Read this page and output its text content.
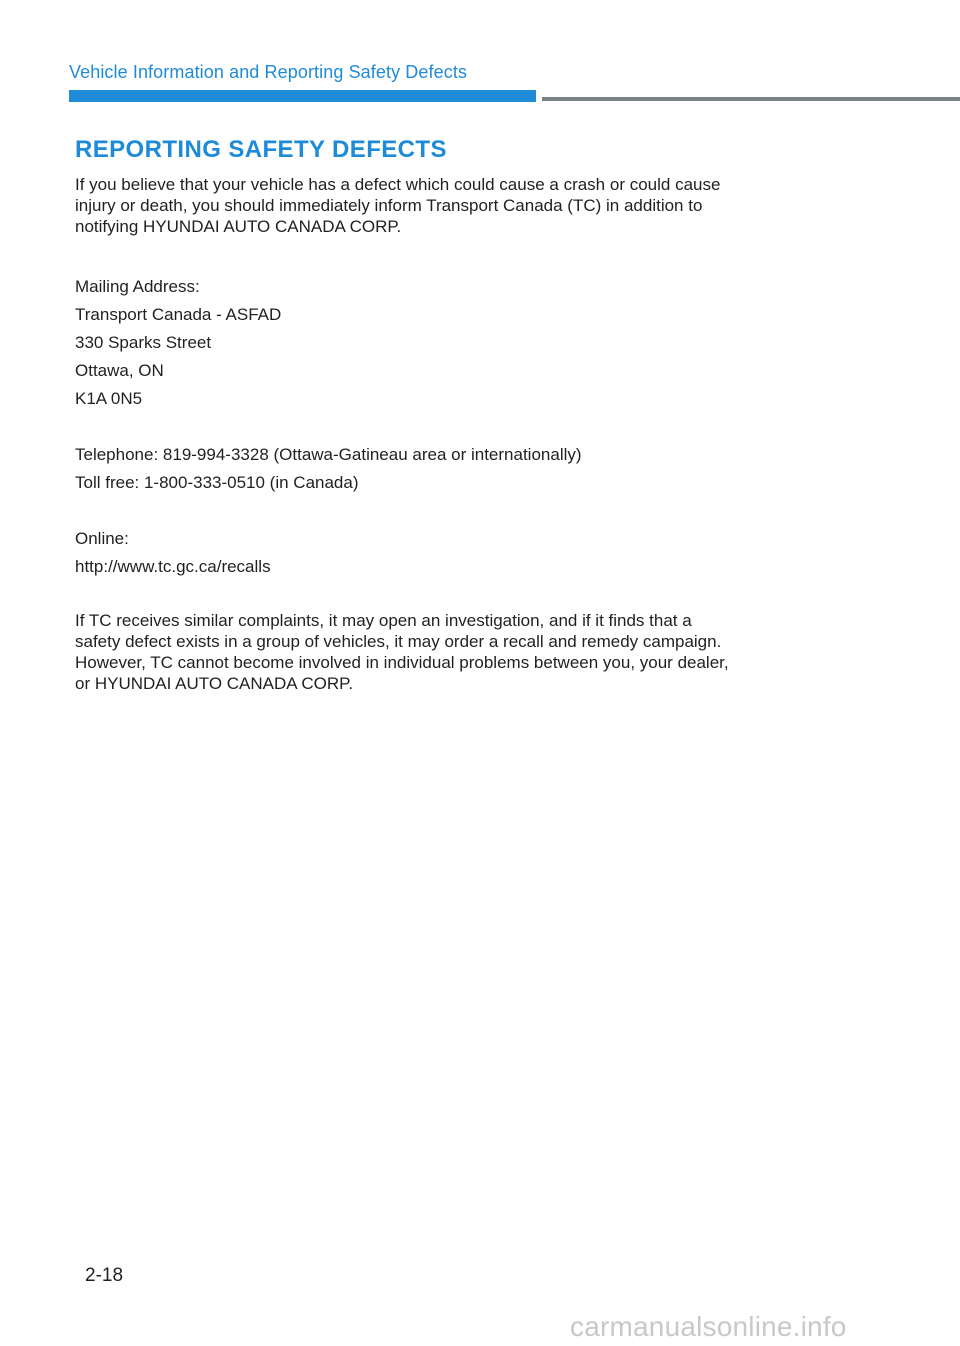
Vehicle Information and Reporting Safety Defects
REPORTING SAFETY DEFECTS

If you believe that your vehicle has a defect which could cause a crash or could cause
injury or death, you should immediately inform Transport Canada (TC) in addition to
notifying HYUNDAI AUTO CANADA CORP.

Mailing Address:
Transport Canada - ASFAD
330 Sparks Street
Ottawa, ON
K1A 0N5
Telephone: 819-994-3328 (Ottawa-Gatineau area or internationally)
Toll free: 1-800-333-0510 (in Canada)
Online:
http://www.tc.gc.ca/recalls

If TC receives similar complaints, it may open an investigation, and if it finds that a
safety defect exists in a group of vehicles, it may order a recall and remedy campaign.
However, TC cannot become involved in individual problems between you, your dealer,
or HYUNDAI AUTO CANADA CORP.

2-18
carmanualsonline.info
